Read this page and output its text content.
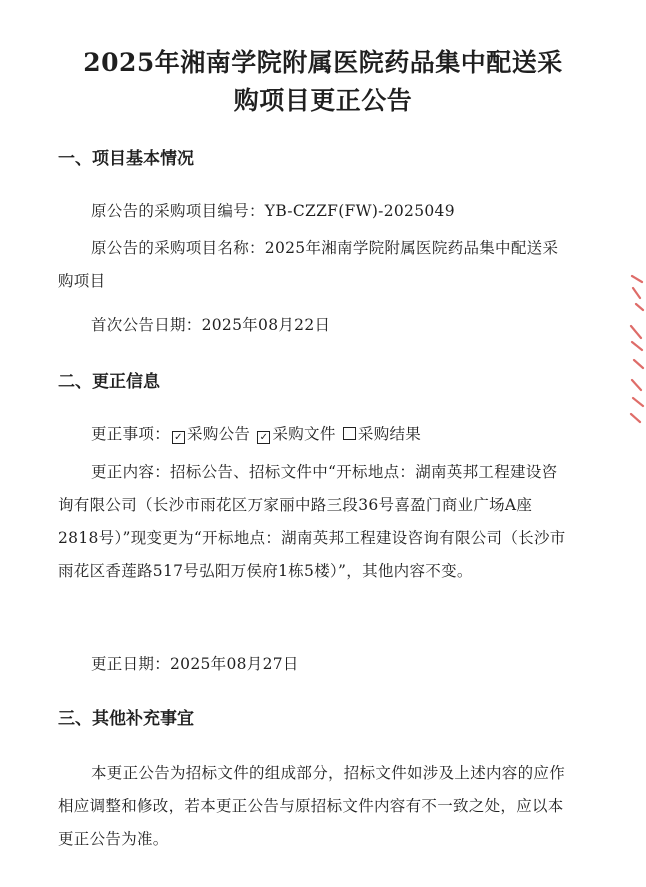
2025年湘南学院附属医院药品集中配送采
购项目更正公告
一、项目基本情况

原公告的采购项目编号：YB-CZZF(FW)-2025049

原公告的采购项目名称：2025年湘南学院附属医院药品集中配送采购项目

首次公告日期：2025年08月22日

二、更正信息

更正事项： ✓ 采购公告 ✓ 采购文件 采购结果

更正内容：招标公告、招标文件中“开标地点：湖南英邦工程建设咨询有限公司（长沙市雨花区万家丽中路三段36号喜盈门商业广场A座2818号）”现变更为“开标地点：湖南英邦工程建设咨询有限公司（长沙市雨花区香莲路517号弘阳万侯府1栋5楼）”，其他内容不变。

更正日期：2025年08月27日

三、其他补充事宜

本更正公告为招标文件的组成部分，招标文件如涉及上述内容的应作相应调整和修改，若本更正公告与原招标文件内容有不一致之处，应以本更正公告为准。
